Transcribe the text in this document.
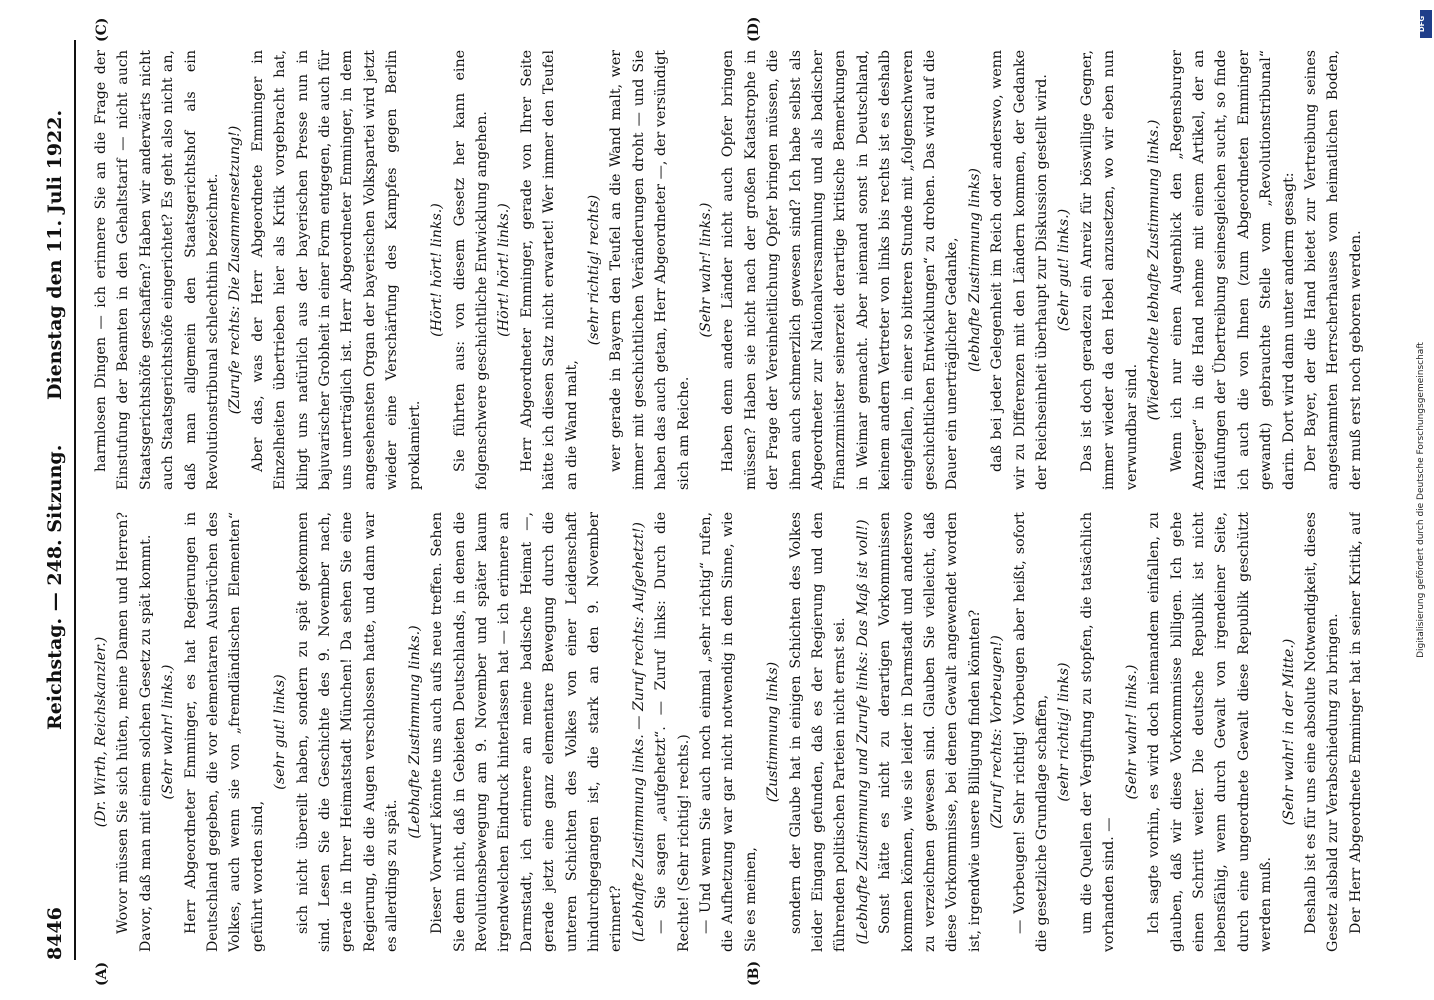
8446
Reichstag. — 248. Sitzung.
Dienstag den 11. Juli 1922.
(A)	(B)
(C)	(D)

(Dr. Wirth, Reichskanzler.) Wovor müssen Sie sich hüten, meine Damen und Herren? Davor, daß man mit einem solchen Gesetz zu spät kommt. (Sehr wahr! links.) Herr Abgeordneter Emminger, es hat Regierungen in Deutschland gegeben, die vor elementaren Ausbrüchen des Volkes, auch wenn sie von „fremdländischen Elementen“ geführt worden sind,

(sehr gut! links) sich nicht übereilt haben, sondern zu spät gekommen sind. Lesen Sie die Geschichte des 9. November nach, gerade in Ihrer Heimatstadt München! Da sehen Sie eine Regierung, die die Augen verschlossen hatte, und dann war es allerdings zu spät.

(Lebhafte Zustimmung links.) Dieser Vorwurf könnte uns auch aufs neue treffen. Sehen Sie denn nicht, daß in Gebieten Deutschlands, in denen die Revolutionsbewegung am 9. November und später kaum irgendwelchen Eindruck hinterlassen hat — ich erinnere an Darmstadt, ich erinnere an meine badische Heimat —, gerade jetzt eine ganz elementare Bewegung durch die unteren Schichten des Volkes von einer Leidenschaft hindurchgegangen ist, die stark an den 9. November erinnert? (Lebhafte Zustimmung links. — Zuruf rechts: Aufgehetzt!) — Sie sagen „aufgehetzt“. — Zuruf links: Durch die Rechte! (Sehr richtig! rechts.) — Und wenn Sie auch noch einmal „sehr richtig“ rufen, die Aufhetzung war gar nicht notwendig in dem Sinne, wie Sie es meinen,

(Zustimmung links) sondern der Glaube hat in einigen Schichten des Volkes leider Eingang gefunden, daß es der Regierung und den führenden politischen Parteien nicht ernst sei. (Lebhafte Zustimmung und Zurufe links: Das Maß ist voll!) Sonst hätte es nicht zu derartigen Vorkommnissen kommen können, wie sie leider in Darmstadt und anderswo zu verzeichnen gewesen sind. Glauben Sie vielleicht, daß diese Vorkommnisse, bei denen Gewalt angewendet worden ist, irgendwie unsere Billigung finden könnten? (Zuruf rechts: Vorbeugen!) — Vorbeugen! Sehr richtig! Vorbeugen aber heißt, sofort die gesetzliche Grundlage schaffen, (sehr richtig! links) um die Quellen der Vergiftung zu stopfen, die tatsächlich vorhanden sind. —

(Sehr wahr! links.) Ich sagte vorhin, es wird doch niemandem einfallen, zu glauben, daß wir diese Vorkommnisse billigen. Ich gehe einen Schritt weiter. Die deutsche Republik ist nicht lebensfähig, wenn durch Gewalt von irgendeiner Seite, durch eine ungeordnete Gewalt diese Republik geschützt werden muß.

(Sehr wahr! in der Mitte.) Deshalb ist es für uns eine absolute Notwendigkeit, dieses Gesetz alsbald zur Verabschiedung zu bringen. Der Herr Abgeordnete Emminger hat in seiner Kritik, auf

harmlosen Dingen — ich erinnere Sie an die Frage der Einstufung der Beamten in den Gehaltstarif — nicht auch Staatsgerichtshöfe geschaffen? Haben wir anderwärts nicht auch Staatsgerichtshöfe eingerichtet? Es geht also nicht an, daß man allgemein den Staatsgerichtshof als ein Revolutionstribunal schlechthin bezeichnet. (Zurufe rechts: Die Zusammensetzung!) Aber das, was der Herr Abgeordnete Emminger in Einzelheiten übertrieben hier als Kritik vorgebracht hat, klingt uns natürlich aus der bayerischen Presse nun in bajuvarischer Grobheit in einer Form entgegen, die auch für uns unerträglich ist. Herr Abgeordneter Emminger, in dem angesehensten Organ der bayerischen Volkspartei wird jetzt wieder eine Verschärfung des Kampfes gegen Berlin proklamiert.

(Hört! hört! links.) Sie führten aus: von diesem Gesetz her kann eine folgenschwere geschichtliche Entwicklung angehen. (Hört! hört! links.) Herr Abgeordneter Emminger, gerade von Ihrer Seite hätte ich diesen Satz nicht erwartet! Wer immer den Teufel an die Wand malt,

(sehr richtig! rechts) wer gerade in Bayern den Teufel an die Wand malt, wer immer mit geschichtlichen Veränderungen droht — und Sie haben das auch getan, Herr Abgeordneter —, der versündigt sich am Reiche.

(Sehr wahr! links.) Haben denn andere Länder nicht auch Opfer bringen müssen? Haben sie nicht nach der großen Katastrophe in der Frage der Vereinheitlichung Opfer bringen müssen, die ihnen auch schmerzlich gewesen sind? Ich habe selbst als Abgeordneter zur Nationalversammlung und als badischer Finanzminister seinerzeit derartige kritische Bemerkungen in Weimar gemacht. Aber niemand sonst in Deutschland, keinem andern Vertreter von links bis rechts ist es deshalb eingefallen, in einer so bitteren Stunde mit „folgenschweren geschichtlichen Entwicklungen“ zu drohen. Das wird auf die Dauer ein unerträglicher Gedanke, (lebhafte Zustimmung links) daß bei jeder Gelegenheit im Reich oder anderswo, wenn wir zu Differenzen mit den Ländern kommen, der Gedanke der Reichseinheit überhaupt zur Diskussion gestellt wird. (Sehr gut! links.) Das ist doch geradezu ein Anreiz für böswillige Gegner, immer wieder da den Hebel anzusetzen, wo wir eben nun verwundbar sind.

(Wiederholte lebhafte Zustimmung links.) Wenn ich nur einen Augenblick den „Regensburger Anzeiger“ in die Hand nehme mit einem Artikel, der an Häufungen der Übertreibung seinesgleichen sucht, so finde ich auch die von Ihnen (zum Abgeordneten Emminger gewandt) gebrauchte Stelle vom „Revolutionstribunal“ darin. Dort wird dann unter anderm gesagt: Der Bayer, der die Hand bietet zur Vertreibung seines angestammten Herrscherhauses vom heimatlichen Boden, der muß erst noch geboren werden.	Digitalisierung gefördert durch die Deutsche Forschungsgemeinschaft
DFG
